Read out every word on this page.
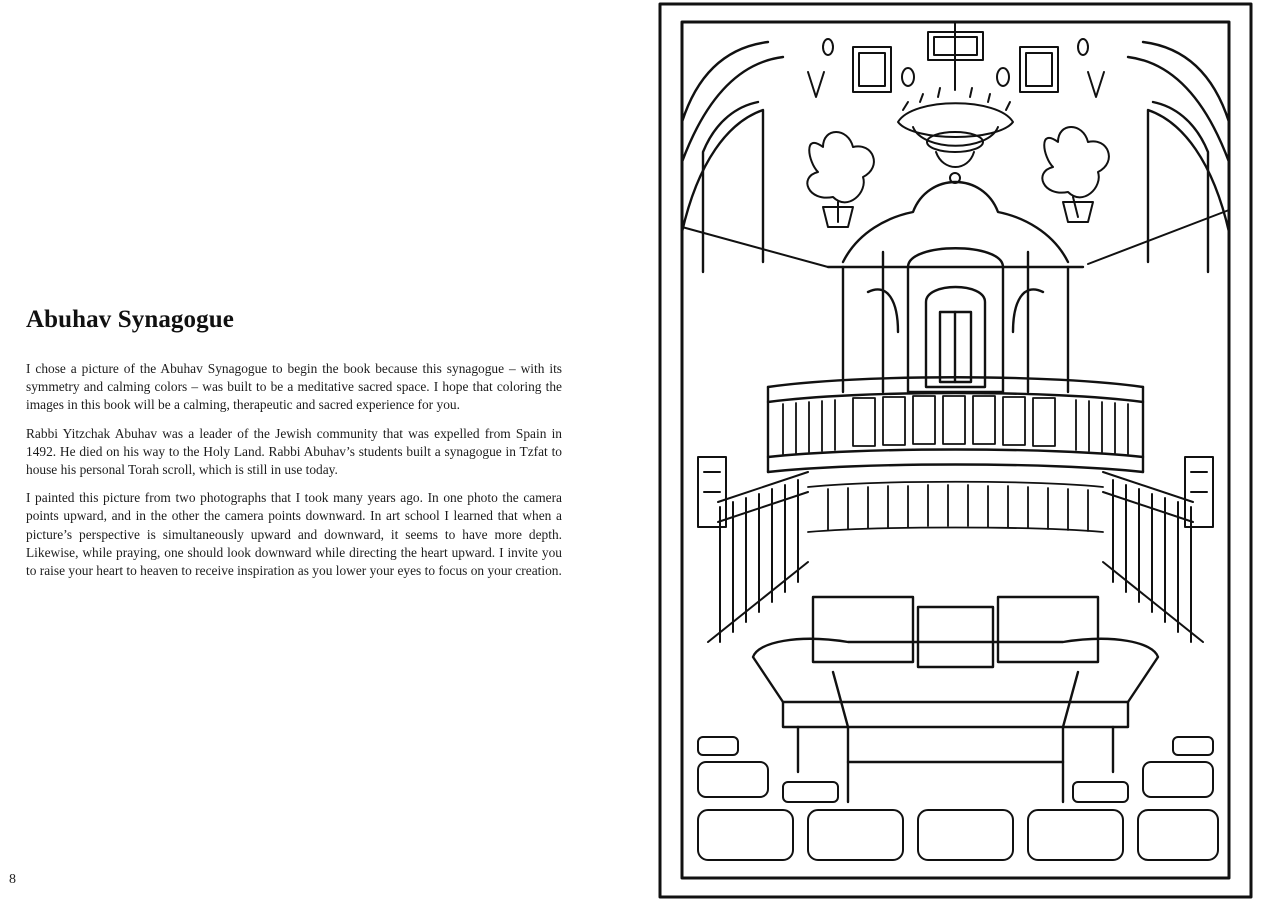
Abuhav Synagogue

I chose a picture of the Abuhav Synagogue to begin the book because this synagogue – with its symmetry and calming colors – was built to be a meditative sacred space. I hope that coloring the images in this book will be a calming, therapeutic and sacred experience for you.

Rabbi Yitzchak Abuhav was a leader of the Jewish community that was expelled from Spain in 1492. He died on his way to the Holy Land. Rabbi Abuhav’s students built a synagogue in Tzfat to house his personal Torah scroll, which is still in use today.

I painted this picture from two photographs that I took many years ago. In one photo the camera points upward, and in the other the camera points downward. In art school I learned that when a picture’s perspective is simultaneously upward and downward, it seems to have more depth. Likewise, while praying, one should look downward while directing the heart upward. I invite you to raise your heart to heaven to receive inspiration as you lower your eyes to focus on your creation.

8
